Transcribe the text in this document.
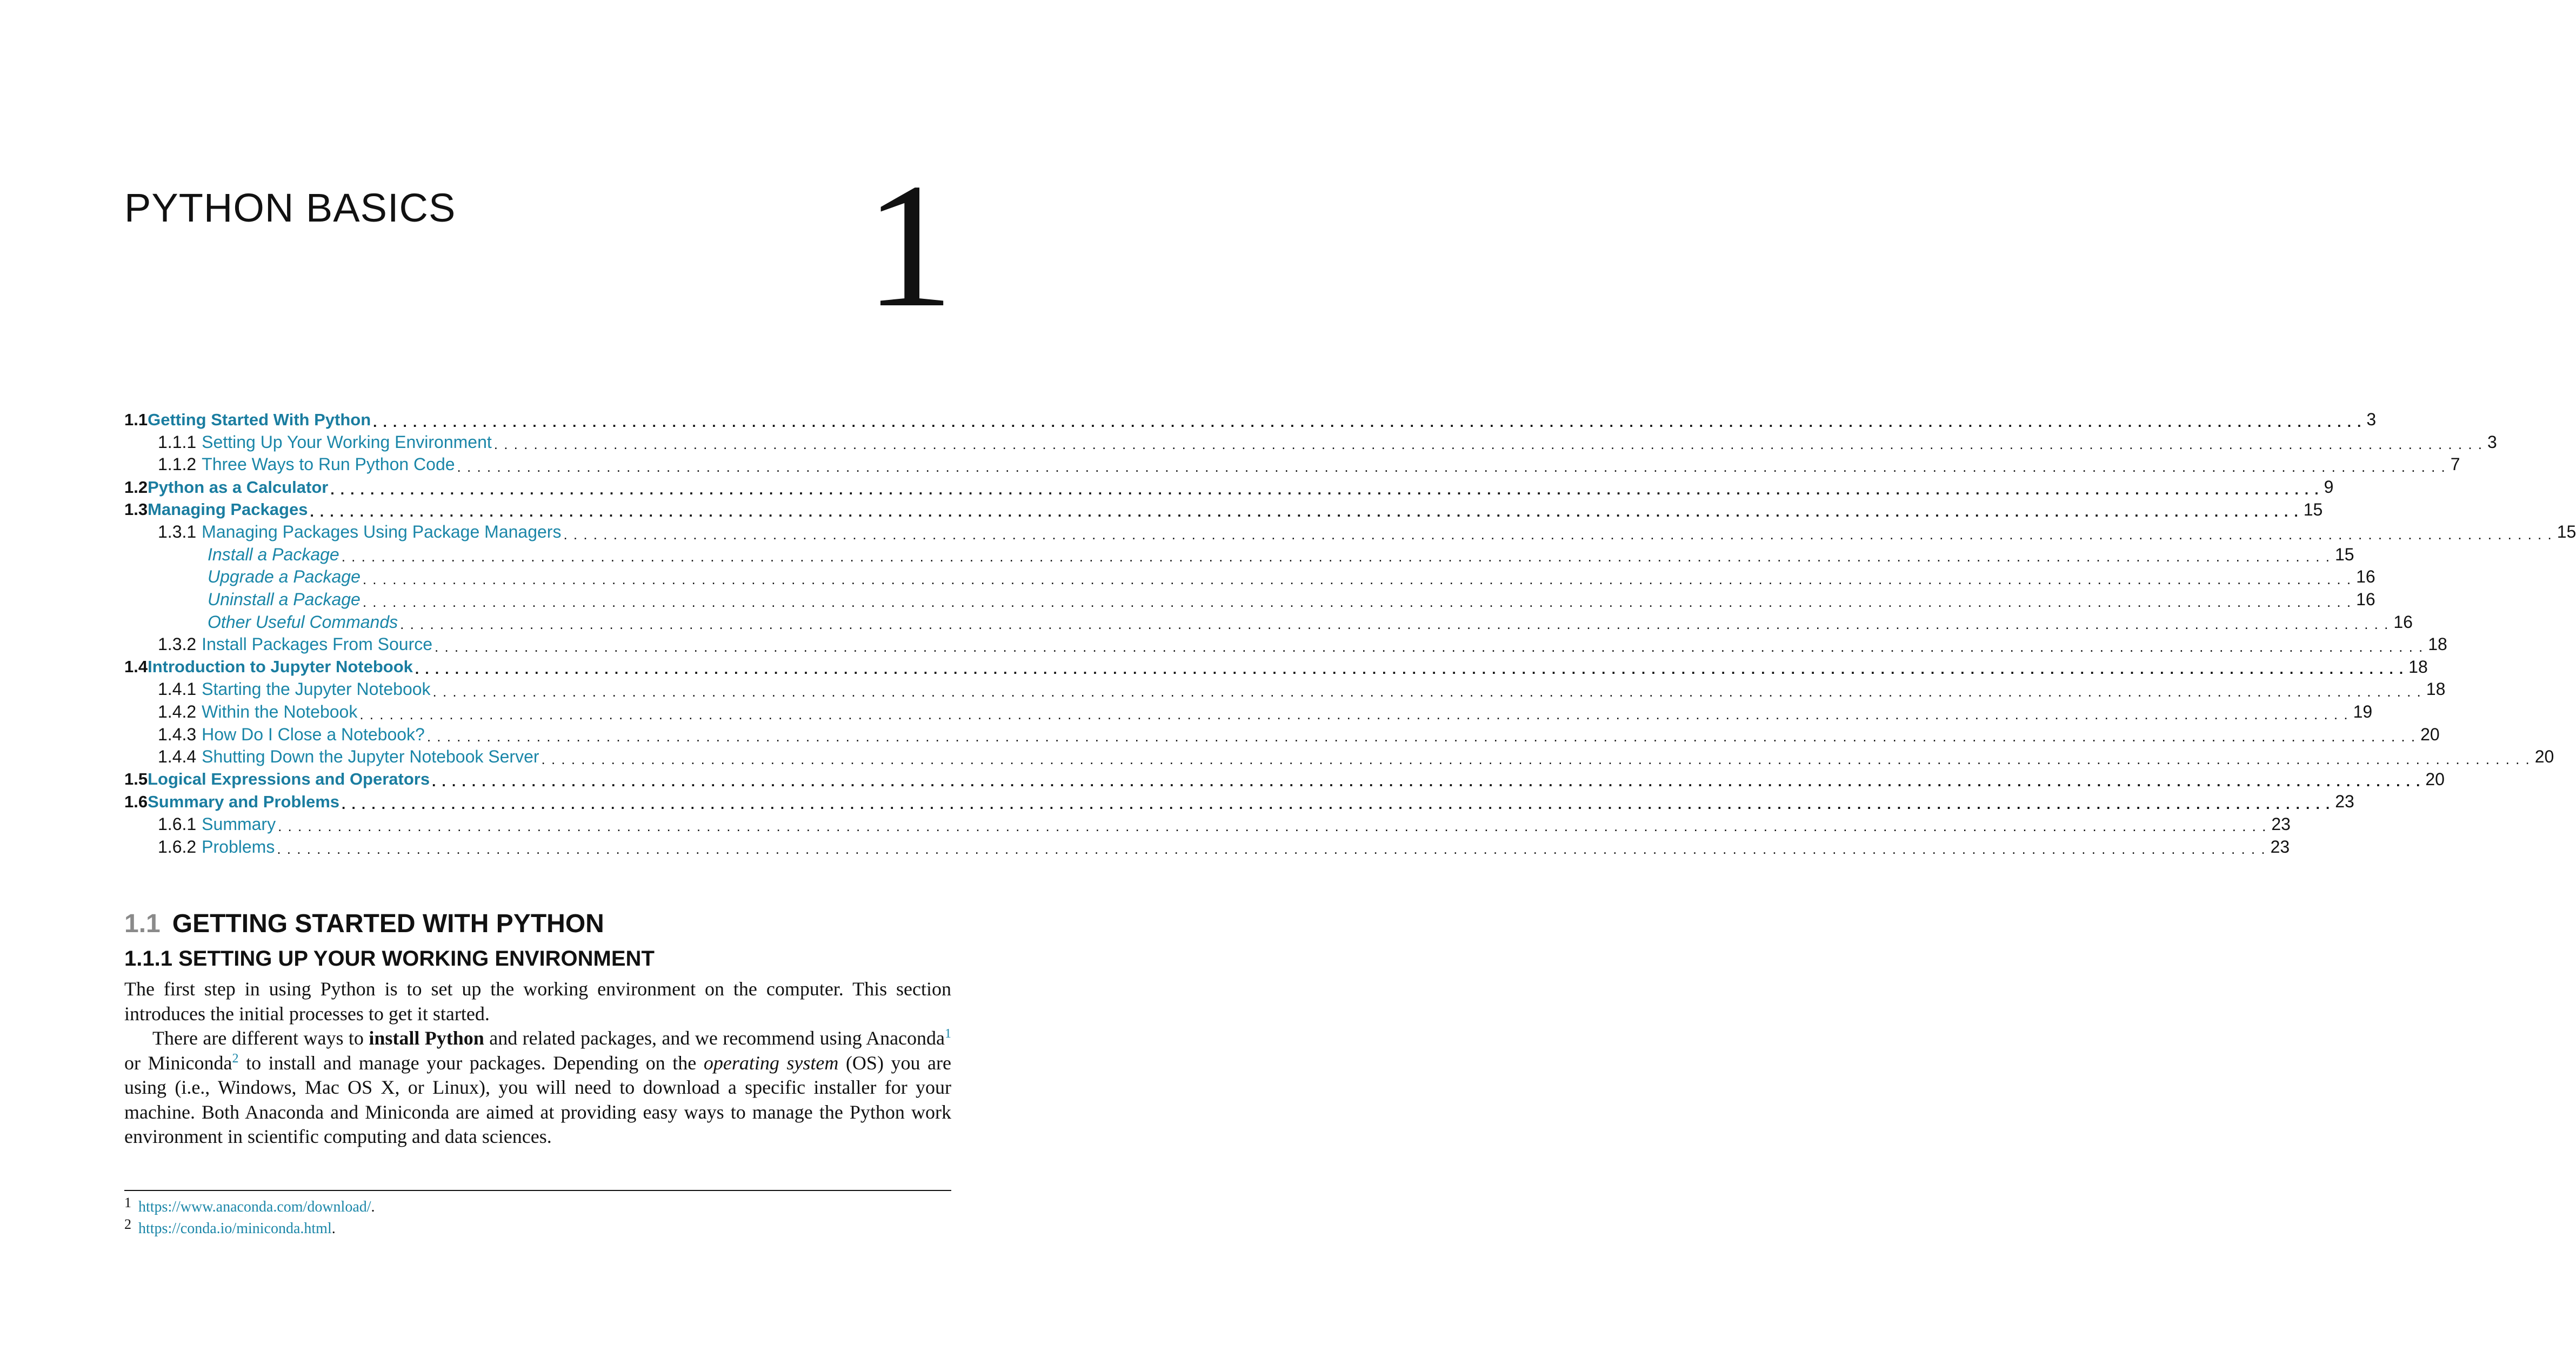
PYTHON BASICS 1
1.1 Getting Started With Python . . . . . . . . . . . . . . . . . . . . . . . . . . . . . . . . . . . . . . . . . . . . . . . . . . . . . . . . . . . . . . . . . . . . . . . . . . . . . . . . . . . . . . . . . . . . . . . . . . . . . . . . . . . . . . . . . . . . . . . . . . . . . . . . . . . . . . . . . . . . . . . . . . . . . . . . . . . . . . . . . . . . . . . . . . . . . . . . . . . . . . . . . . . . . . . . . . . . . . . . 3
1.1.1 Setting Up Your Working Environment . . . . . . . . . . . . . . . . . . . . . . . . . . . . . . . . . . . . . . . . . . . . . . . . . . . . . . . . . . . . . . . . . . . . . . . . . . . . . . . . . . . . . . . . . . . . . . . . . . . . . . . . . . . . . . . . . . . . . . . . . . . . . . . . . . . . . . . . . . . . . . . . . . . . . . . . . . . . . . . . . . . . . . . . . . . . . . . . . . . . . . . . . . . . . . . . . . . . . . . . 3
1.1.2 Three Ways to Run Python Code . . . . . . . . . . . . . . . . . . . . . . . . . . . . . . . . . . . . . . . . . . . . . . . . . . . . . . . . . . . . . . . . . . . . . . . . . . . . . . . . . . . . . . . . . . . . . . . . . . . . . . . . . . . . . . . . . . . . . . . . . . . . . . . . . . . . . . . . . . . . . . . . . . . . . . . . . . . . . . . . . . . . . . . . . . . . . . . . . . . . . . . . . . . . . . . . . . . . . . . . 7
1.2 Python as a Calculator . . . . . . . . . . . . . . . . . . . . . . . . . . . . . . . . . . . . . . . . . . . . . . . . . . . . . . . . . . . . . . . . . . . . . . . . . . . . . . . . . . . . . . . . . . . . . . . . . . . . . . . . . . . . . . . . . . . . . . . . . . . . . . . . . . . . . . . . . . . . . . . . . . . . . . . . . . . . . . . . . . . . . . . . . . . . . . . . . . . . . . . . . . . . . . . . . . . . . . . . 9
1.3 Managing Packages . . . . . . . . . . . . . . . . . . . . . . . . . . . . . . . . . . . . . . . . . . . . . . . . . . . . . . . . . . . . . . . . . . . . . . . . . . . . . . . . . . . . . . . . . . . . . . . . . . . . . . . . . . . . . . . . . . . . . . . . . . . . . . . . . . . . . . . . . . . . . . . . . . . . . . . . . . . . . . . . . . . . . . . . . . . . . . . . . . . . . . . . . . . . . . . . . . . . . . . . 15
1.3.1 Managing Packages Using Package Managers . . . . . . . . . . . . . . . . . . . . . . . . . . . . . . . . . . . . . . . . . . . . . . . . . . . . . . . . . . . . . . . . . . . . . . . . . . . . . . . . . . . . . . . . . . . . . . . . . . . . . . . . . . . . . . . . . . . . . . . . . . . . . . . . . . . . . . . . . . . . . . . . . . . . . . . . . . . . . . . . . . . . . . . . . . . . . . . . . . . . . . . . . . . . . . . . . . . . . . . . 15
Install a Package . . . . . . . . . . . . . . . . . . . . . . . . . . . . . . . . . . . . . . . . . . . . . . . . . . . . . . . . . . . . . . . . . . . . . . . . . . . . . . . . . . . . . . . . . . . . . . . . . . . . . . . . . . . . . . . . . . . . . . . . . . . . . . . . . . . . . . . . . . . . . . . . . . . . . . . . . . . . . . . . . . . . . . . . . . . . . . . . . . . . . . . . . . . . . . . . . . . . . . . . 15
Upgrade a Package . . . . . . . . . . . . . . . . . . . . . . . . . . . . . . . . . . . . . . . . . . . . . . . . . . . . . . . . . . . . . . . . . . . . . . . . . . . . . . . . . . . . . . . . . . . . . . . . . . . . . . . . . . . . . . . . . . . . . . . . . . . . . . . . . . . . . . . . . . . . . . . . . . . . . . . . . . . . . . . . . . . . . . . . . . . . . . . . . . . . . . . . . . . . . . . . . . . . . . . . 16
Uninstall a Package . . . . . . . . . . . . . . . . . . . . . . . . . . . . . . . . . . . . . . . . . . . . . . . . . . . . . . . . . . . . . . . . . . . . . . . . . . . . . . . . . . . . . . . . . . . . . . . . . . . . . . . . . . . . . . . . . . . . . . . . . . . . . . . . . . . . . . . . . . . . . . . . . . . . . . . . . . . . . . . . . . . . . . . . . . . . . . . . . . . . . . . . . . . . . . . . . . . . . . . . 16
Other Useful Commands . . . . . . . . . . . . . . . . . . . . . . . . . . . . . . . . . . . . . . . . . . . . . . . . . . . . . . . . . . . . . . . . . . . . . . . . . . . . . . . . . . . . . . . . . . . . . . . . . . . . . . . . . . . . . . . . . . . . . . . . . . . . . . . . . . . . . . . . . . . . . . . . . . . . . . . . . . . . . . . . . . . . . . . . . . . . . . . . . . . . . . . . . . . . . . . . . . . . . . . . 16
1.3.2 Install Packages From Source . . . . . . . . . . . . . . . . . . . . . . . . . . . . . . . . . . . . . . . . . . . . . . . . . . . . . . . . . . . . . . . . . . . . . . . . . . . . . . . . . . . . . . . . . . . . . . . . . . . . . . . . . . . . . . . . . . . . . . . . . . . . . . . . . . . . . . . . . . . . . . . . . . . . . . . . . . . . . . . . . . . . . . . . . . . . . . . . . . . . . . . . . . . . . . . . . . . . . . . . 18
1.4 Introduction to Jupyter Notebook . . . . . . . . . . . . . . . . . . . . . . . . . . . . . . . . . . . . . . . . . . . . . . . . . . . . . . . . . . . . . . . . . . . . . . . . . . . . . . . . . . . . . . . . . . . . . . . . . . . . . . . . . . . . . . . . . . . . . . . . . . . . . . . . . . . . . . . . . . . . . . . . . . . . . . . . . . . . . . . . . . . . . . . . . . . . . . . . . . . . . . . . . . . . . . . . . . . . . . . . 18
1.4.1 Starting the Jupyter Notebook . . . . . . . . . . . . . . . . . . . . . . . . . . . . . . . . . . . . . . . . . . . . . . . . . . . . . . . . . . . . . . . . . . . . . . . . . . . . . . . . . . . . . . . . . . . . . . . . . . . . . . . . . . . . . . . . . . . . . . . . . . . . . . . . . . . . . . . . . . . . . . . . . . . . . . . . . . . . . . . . . . . . . . . . . . . . . . . . . . . . . . . . . . . . . . . . . . . . . . . . 18
1.4.2 Within the Notebook . . . . . . . . . . . . . . . . . . . . . . . . . . . . . . . . . . . . . . . . . . . . . . . . . . . . . . . . . . . . . . . . . . . . . . . . . . . . . . . . . . . . . . . . . . . . . . . . . . . . . . . . . . . . . . . . . . . . . . . . . . . . . . . . . . . . . . . . . . . . . . . . . . . . . . . . . . . . . . . . . . . . . . . . . . . . . . . . . . . . . . . . . . . . . . . . . . . . . . . . 19
1.4.3 How Do I Close a Notebook? . . . . . . . . . . . . . . . . . . . . . . . . . . . . . . . . . . . . . . . . . . . . . . . . . . . . . . . . . . . . . . . . . . . . . . . . . . . . . . . . . . . . . . . . . . . . . . . . . . . . . . . . . . . . . . . . . . . . . . . . . . . . . . . . . . . . . . . . . . . . . . . . . . . . . . . . . . . . . . . . . . . . . . . . . . . . . . . . . . . . . . . . . . . . . . . . . . . . . . . . 20
1.4.4 Shutting Down the Jupyter Notebook Server . . . . . . . . . . . . . . . . . . . . . . . . . . . . . . . . . . . . . . . . . . . . . . . . . . . . . . . . . . . . . . . . . . . . . . . . . . . . . . . . . . . . . . . . . . . . . . . . . . . . . . . . . . . . . . . . . . . . . . . . . . . . . . . . . . . . . . . . . . . . . . . . . . . . . . . . . . . . . . . . . . . . . . . . . . . . . . . . . . . . . . . . . . . . . . . . . . . . . . . . 20
1.5 Logical Expressions and Operators . . . . . . . . . . . . . . . . . . . . . . . . . . . . . . . . . . . . . . . . . . . . . . . . . . . . . . . . . . . . . . . . . . . . . . . . . . . . . . . . . . . . . . . . . . . . . . . . . . . . . . . . . . . . . . . . . . . . . . . . . . . . . . . . . . . . . . . . . . . . . . . . . . . . . . . . . . . . . . . . . . . . . . . . . . . . . . . . . . . . . . . . . . . . . . . . . . . . . . . . 20
1.6 Summary and Problems . . . . . . . . . . . . . . . . . . . . . . . . . . . . . . . . . . . . . . . . . . . . . . . . . . . . . . . . . . . . . . . . . . . . . . . . . . . . . . . . . . . . . . . . . . . . . . . . . . . . . . . . . . . . . . . . . . . . . . . . . . . . . . . . . . . . . . . . . . . . . . . . . . . . . . . . . . . . . . . . . . . . . . . . . . . . . . . . . . . . . . . . . . . . . . . . . . . . . . . . 23
1.6.1 Summary . . . . . . . . . . . . . . . . . . . . . . . . . . . . . . . . . . . . . . . . . . . . . . . . . . . . . . . . . . . . . . . . . . . . . . . . . . . . . . . . . . . . . . . . . . . . . . . . . . . . . . . . . . . . . . . . . . . . . . . . . . . . . . . . . . . . . . . . . . . . . . . . . . . . . . . . . . . . . . . . . . . . . . . . . . . . . . . . . . . . . . . . . . . . . . . . . . . . . . . . 23
1.6.2 Problems . . . . . . . . . . . . . . . . . . . . . . . . . . . . . . . . . . . . . . . . . . . . . . . . . . . . . . . . . . . . . . . . . . . . . . . . . . . . . . . . . . . . . . . . . . . . . . . . . . . . . . . . . . . . . . . . . . . . . . . . . . . . . . . . . . . . . . . . . . . . . . . . . . . . . . . . . . . . . . . . . . . . . . . . . . . . . . . . . . . . . . . . . . . . . . . . . . . . . . . . 23
1.1 GETTING STARTED WITH PYTHON
1.1.1 SETTING UP YOUR WORKING ENVIRONMENT

The first step in using Python is to set up the working environment on the computer. This section introduces the initial processes to get it started.

There are different ways to install Python and related packages, and we recommend using Anaconda$^1$ or Miniconda$^2$ to install and manage your packages. Depending on the operating system (OS) you are using (i.e., Windows, Mac OS X, or Linux), you will need to download a specific installer for your machine. Both Anaconda and Miniconda are aimed at providing easy ways to manage the Python work environment in scientific computing and data sciences.

1 https://www.anaconda.com/download/.
2 https://conda.io/miniconda.html.
